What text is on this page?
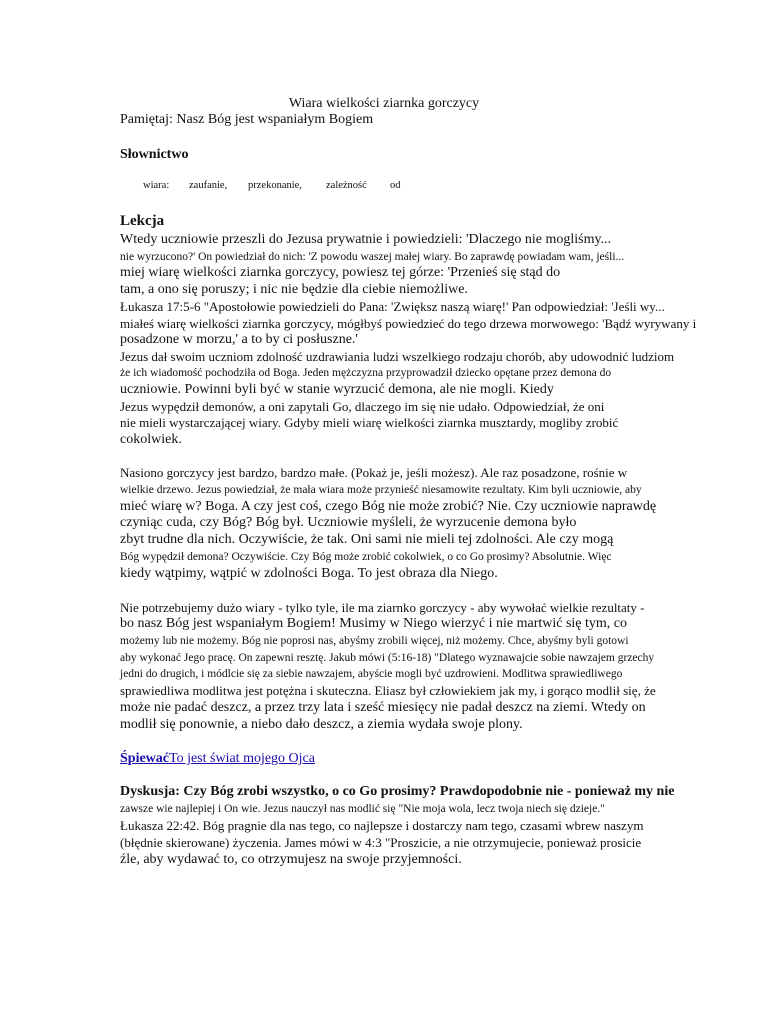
Wiara wielkości ziarnka gorczycy
Pamiętaj: Nasz Bóg jest wspaniałym Bogiem
Słownictwo
wiara: zaufanie, przekonanie, zależność od
Lekcja
Wtedy uczniowie przeszli do Jezusa prywatnie i powiedzieli: 'Dlaczego nie mogliśmy...
nie wyrzucono?' On powiedział do nich: 'Z powodu waszej małej wiary. Bo zaprawdę powiadam wam, jeśli...
miej wiarę wielkości ziarnka gorczycy, powiesz tej górze: 'Przenieś się stąd do
tam, a ono się poruszy; i nic nie będzie dla ciebie niemożliwe.
Łukasza 17:5-6 "Apostołowie powiedzieli do Pana: 'Zwiększ naszą wiarę!' Pan odpowiedział: 'Jeśli wy...
miałeś wiarę wielkości ziarnka gorczycy, mógłbyś powiedzieć do tego drzewa morwowego: 'Bądź wyrywany i
posadzone w morzu,' a to by ci posłuszne.'
Jezus dał swoim uczniom zdolność uzdrawiania ludzi wszelkiego rodzaju chorób, aby udowodnić ludziom
że ich wiadomość pochodziła od Boga. Jeden mężczyzna przyprowadził dziecko opętane przez demona do
uczniowie. Powinni byli być w stanie wyrzucić demona, ale nie mogli. Kiedy
Jezus wypędził demonów, a oni zapytali Go, dlaczego im się nie udało. Odpowiedział, że oni
nie mieli wystarczającej wiary. Gdyby mieli wiarę wielkości ziarnka musztardy, mogliby zrobić
cokolwiek.
Nasiono gorczycy jest bardzo, bardzo małe. (Pokaż je, jeśli możesz). Ale raz posadzone, rośnie w
wielkie drzewo. Jezus powiedział, że mała wiara może przynieść niesamowite rezultaty. Kim byli uczniowie, aby
mieć wiarę w? Boga. A czy jest coś, czego Bóg nie może zrobić? Nie. Czy uczniowie naprawdę
czyniąc cuda, czy Bóg? Bóg był. Uczniowie myśleli, że wyrzucenie demona było
zbyt trudne dla nich. Oczywiście, że tak. Oni sami nie mieli tej zdolności. Ale czy mogą
Bóg wypędził demona? Oczywiście. Czy Bóg może zrobić cokolwiek, o co Go prosimy? Absolutnie. Więc
kiedy wątpimy, wątpić w zdolności Boga. To jest obraza dla Niego.
Nie potrzebujemy dużo wiary - tylko tyle, ile ma ziarnko gorczycy - aby wywołać wielkie rezultaty -
bo nasz Bóg jest wspaniałym Bogiem! Musimy w Niego wierzyć i nie martwić się tym, co
możemy lub nie możemy. Bóg nie poprosi nas, abyśmy zrobili więcej, niż możemy. Chce, abyśmy byli gotowi
aby wykonać Jego pracę. On zapewni resztę. Jakub mówi (5:16-18) "Dlatego wyznawajcie sobie nawzajem grzechy
jedni do drugich, i módlcie się za siebie nawzajem, abyście mogli być uzdrowieni. Modlitwa sprawiedliwego
sprawiedliwa modlitwa jest potężna i skuteczna. Eliasz był człowiekiem jak my, i gorąco modlił się, że
może nie padać deszcz, a przez trzy lata i sześć miesięcy nie padał deszcz na ziemi. Wtedy on
modlił się ponownie, a niebo dało deszcz, a ziemia wydała swoje plony.
ŚpiewaćTo jest świat mojego Ojca
Dyskusja: Czy Bóg zrobi wszystko, o co Go prosimy? Prawdopodobnie nie - ponieważ my nie
zawsze wie najlepiej i On wie. Jezus nauczył nas modlić się "Nie moja wola, lecz twoja niech się dzieje."
Łukasza 22:42. Bóg pragnie dla nas tego, co najlepsze i dostarczy nam tego, czasami wbrew naszym
(błędnie skierowane) życzenia. James mówi w 4:3 "Proszicie, a nie otrzymujecie, ponieważ prosicie
źle, aby wydawać to, co otrzymujesz na swoje przyjemności.
